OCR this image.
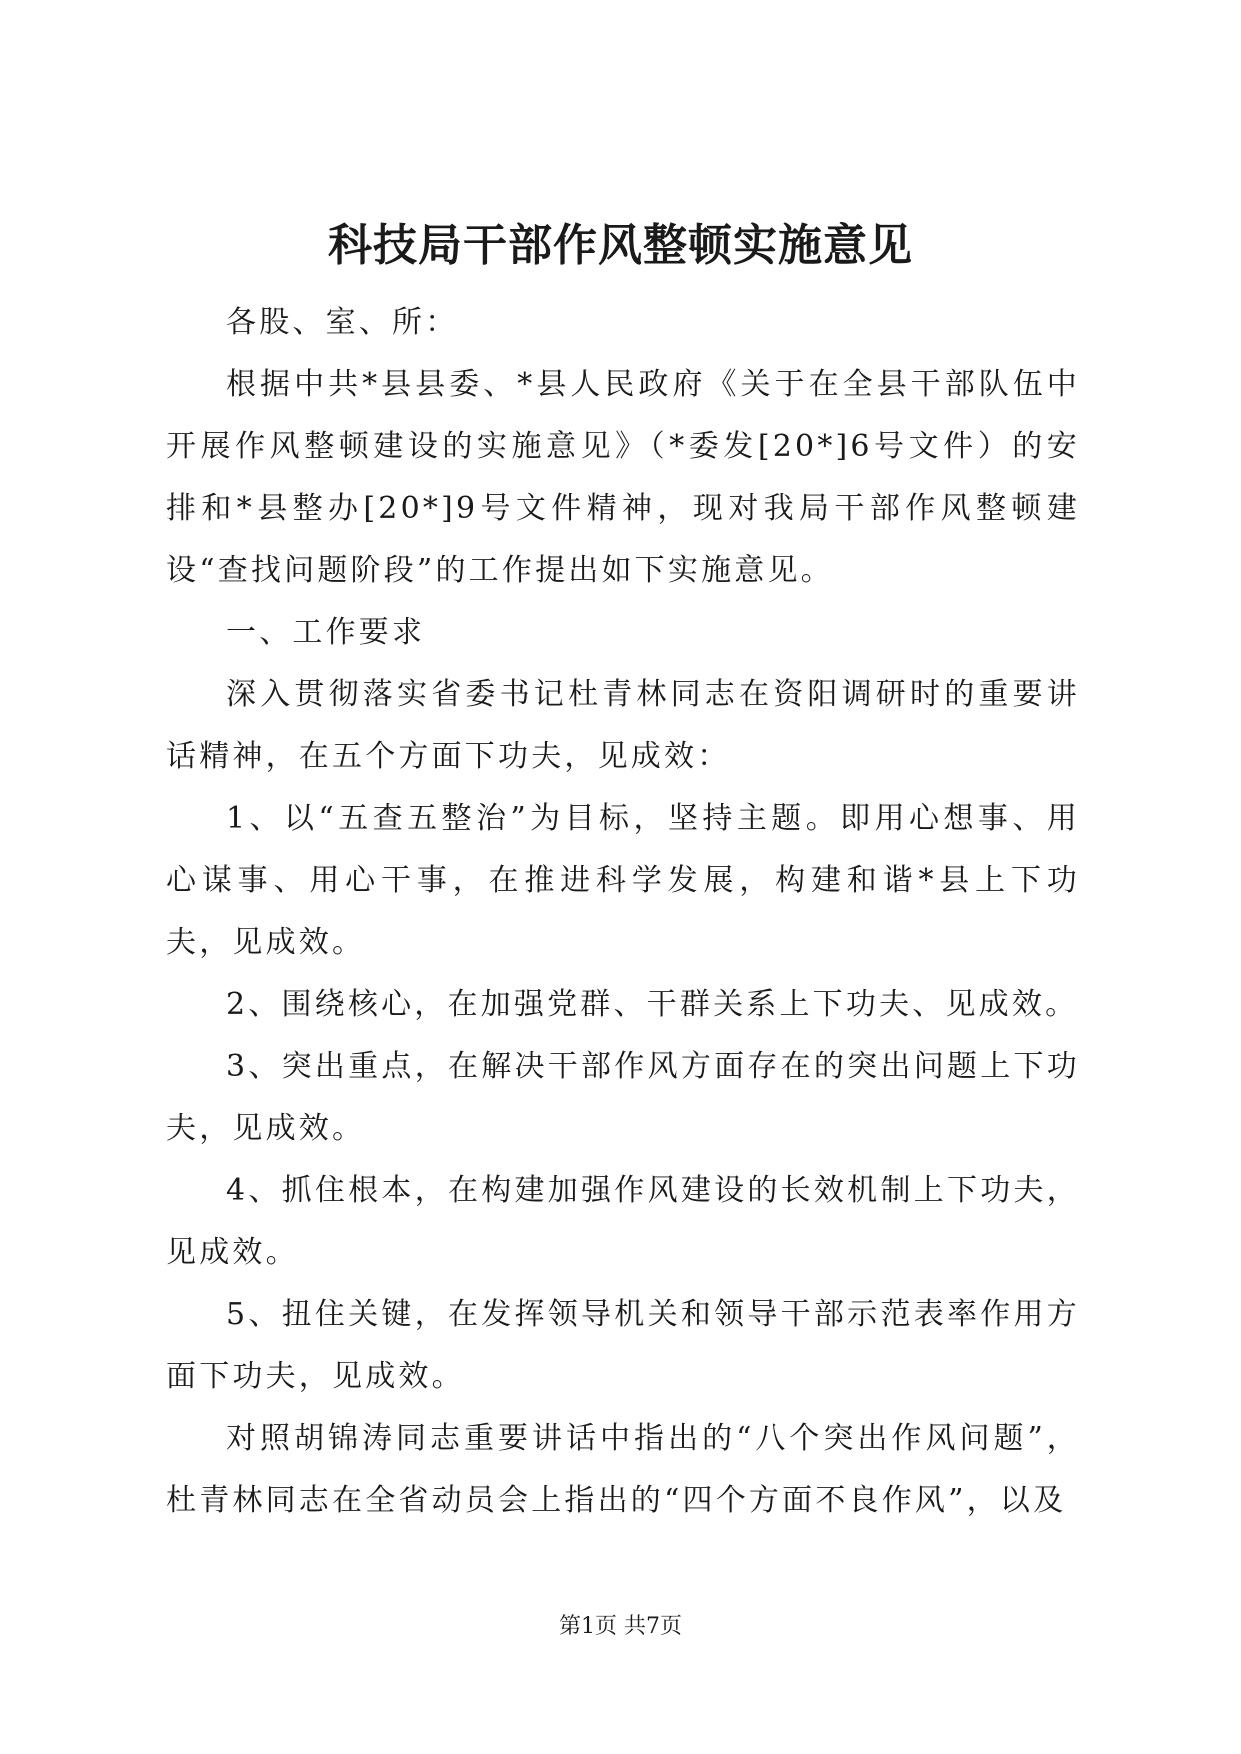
科技局干部作风整顿实施意见

各股、室、所：

根据中共*县县委、*县人民政府《关于在全县干部队伍中开展作风整顿建设的实施意见》（*委发[20*]6号文件）的安排和*县整办[20*]9号文件精神，现对我局干部作风整顿建设“查找问题阶段”的工作提出如下实施意见。

一、工作要求

深入贯彻落实省委书记杜青林同志在资阳调研时的重要讲话精神，在五个方面下功夫，见成效：

1、以“五查五整治”为目标，坚持主题。即用心想事、用心谋事、用心干事，在推进科学发展，构建和谐*县上下功夫，见成效。

2、围绕核心，在加强党群、干群关系上下功夫、见成效。

3、突出重点，在解决干部作风方面存在的突出问题上下功夫，见成效。

4、抓住根本，在构建加强作风建设的长效机制上下功夫，见成效。

5、扭住关键，在发挥领导机关和领导干部示范表率作用方面下功夫，见成效。

对照胡锦涛同志重要讲话中指出的“八个突出作风问题”，杜青林同志在全省动员会上指出的“四个方面不良作风”，以及

第1页 共7页
